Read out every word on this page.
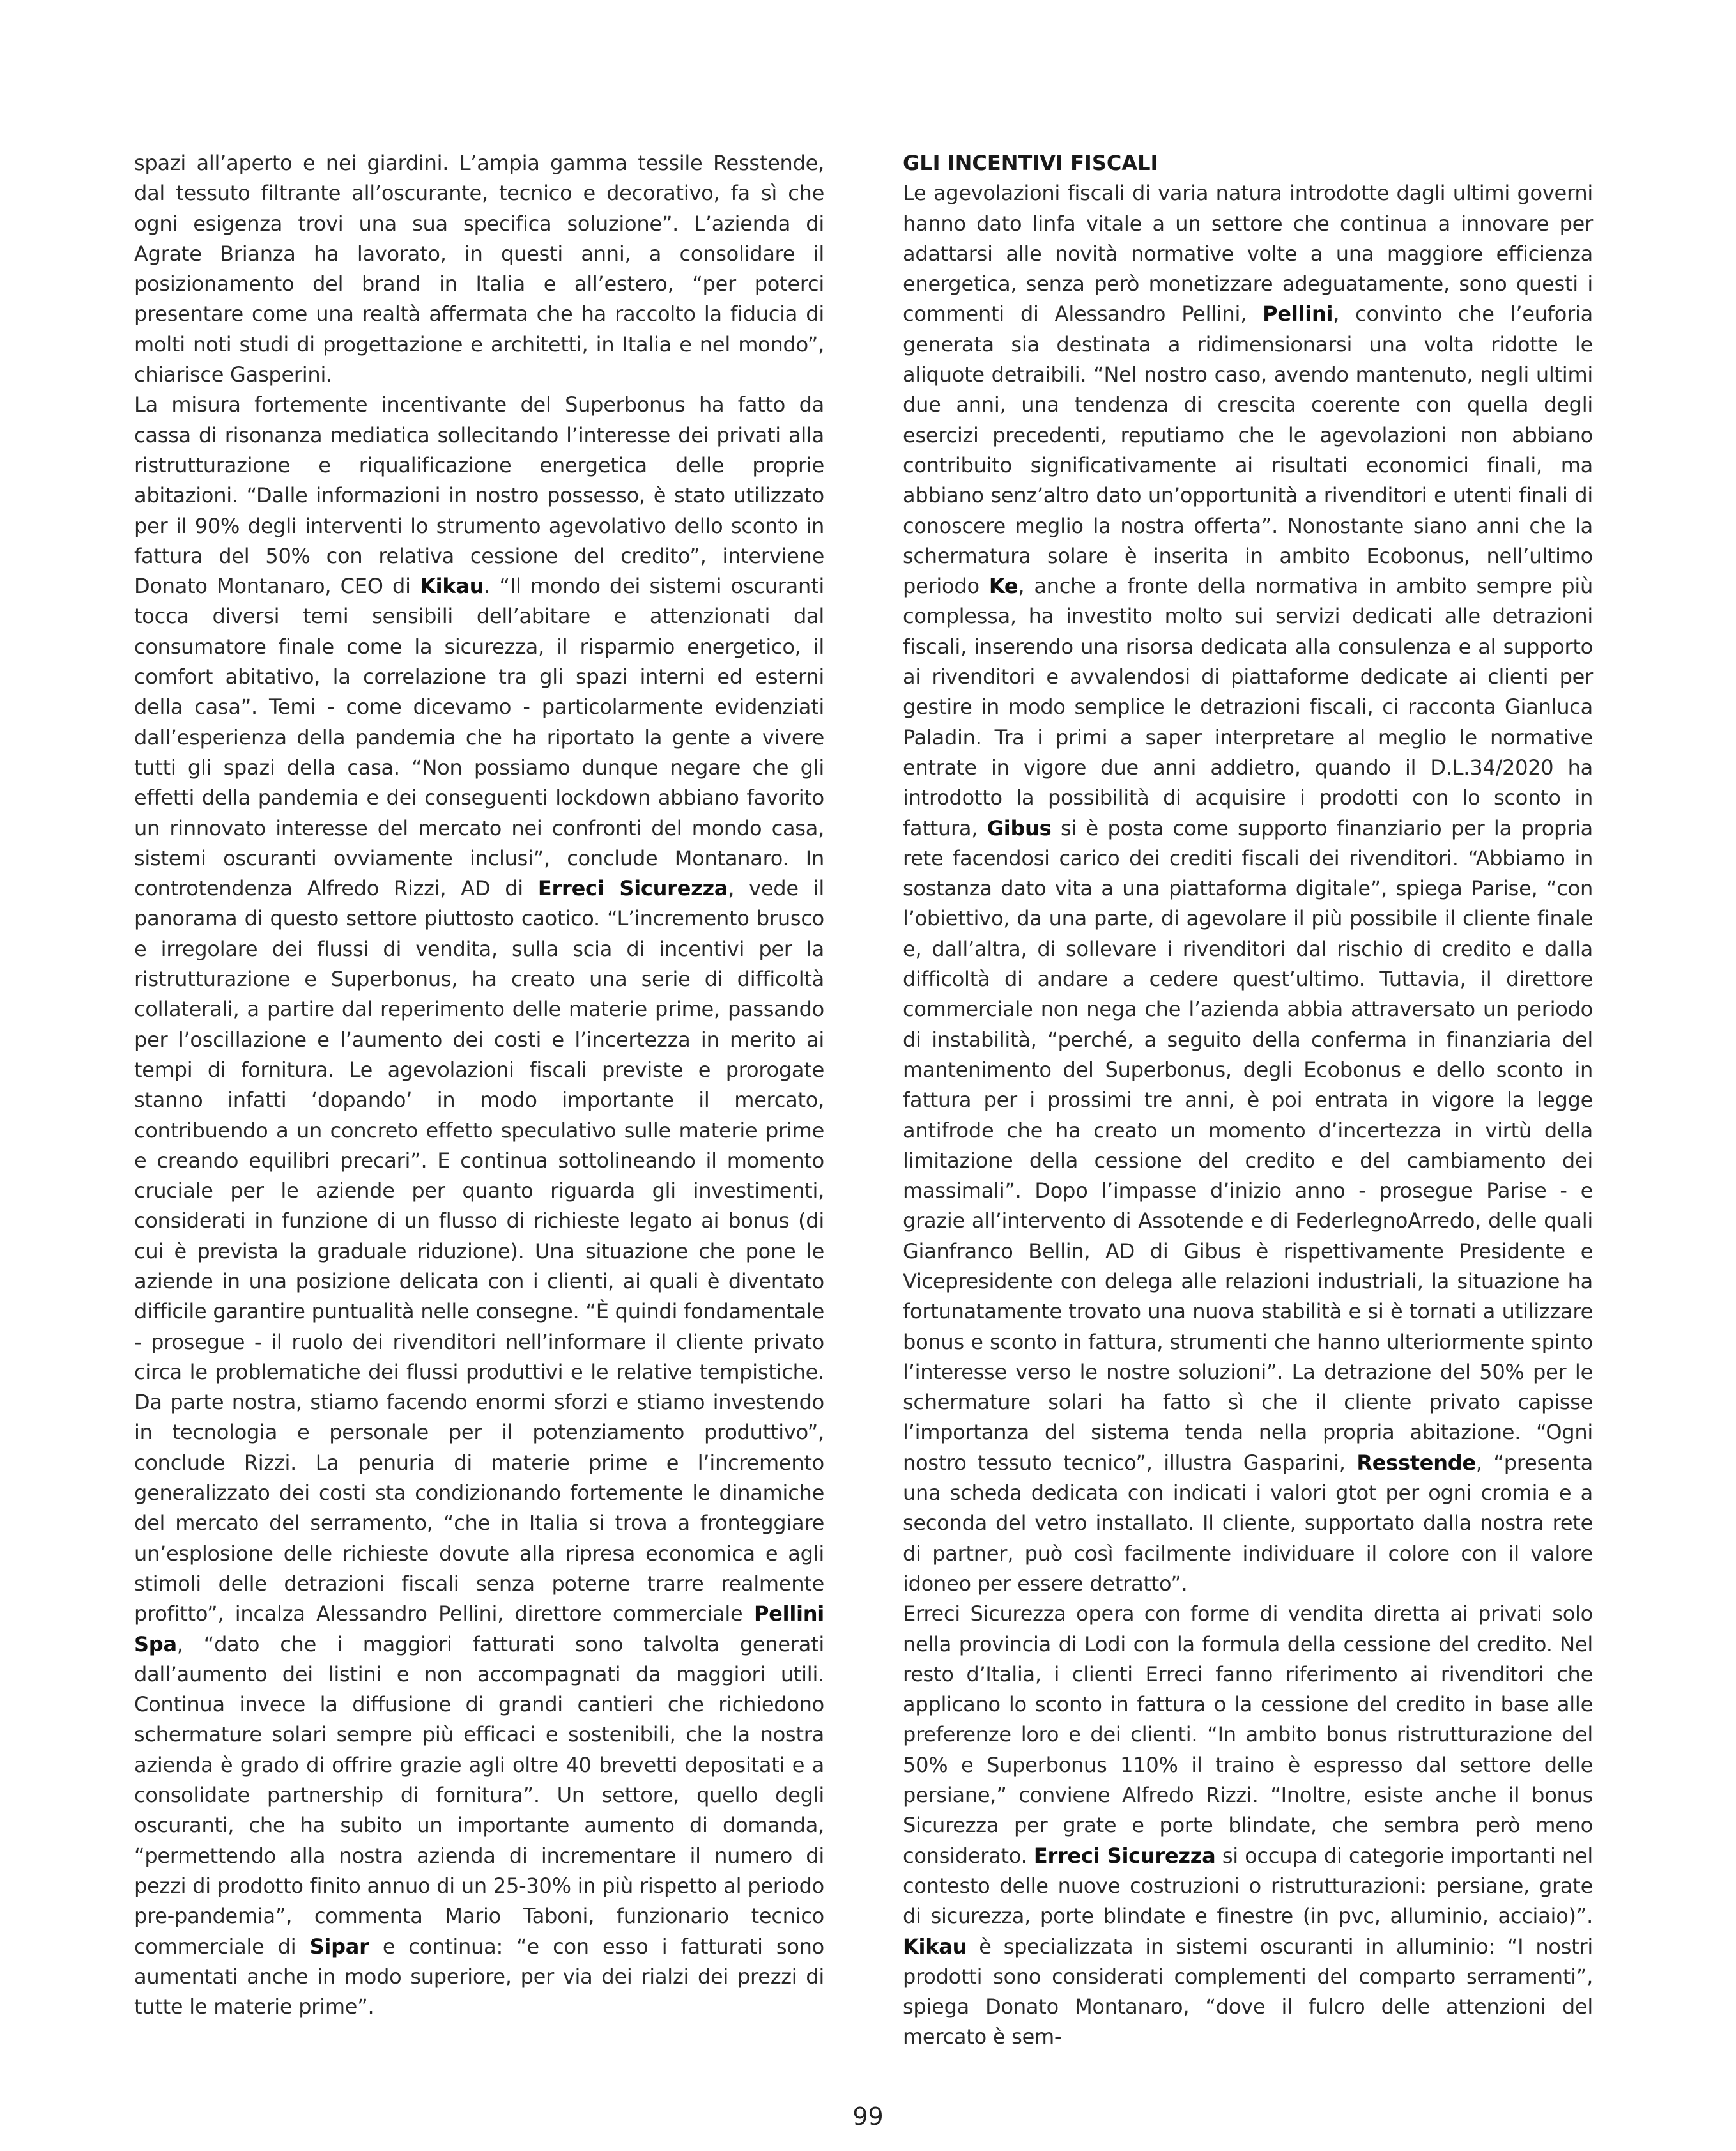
spazi all’aperto e nei giardini. L’ampia gamma tessile Resstende, dal tessuto filtrante all’oscurante, tecnico e decorativo, fa sì che ogni esigenza trovi una sua specifica soluzione”. L’azienda di Agrate Brianza ha lavorato, in questi anni, a consolidare il posizionamento del brand in Italia e all’estero, “per poterci presentare come una realtà affermata che ha raccolto la fiducia di molti noti studi di progettazione e architetti, in Italia e nel mondo”, chiarisce Gasperini.

La misura fortemente incentivante del Superbonus ha fatto da cassa di risonanza mediatica sollecitando l’interesse dei privati alla ristrutturazione e riqualificazione energetica delle proprie abitazioni. “Dalle informazioni in nostro possesso, è stato utilizzato per il 90% degli interventi lo strumento agevolativo dello sconto in fattura del 50% con relativa cessione del credito”, interviene Donato Montanaro, CEO di Kikau. “Il mondo dei sistemi oscuranti tocca diversi temi sensibili dell’abitare e attenzionati dal consumatore finale come la sicurezza, il risparmio energetico, il comfort abitativo, la correlazione tra gli spazi interni ed esterni della casa”. Temi - come dicevamo - particolarmente evidenziati dall’esperienza della pandemia che ha riportato la gente a vivere tutti gli spazi della casa. “Non possiamo dunque negare che gli effetti della pandemia e dei conseguenti lockdown abbiano favorito un rinnovato interesse del mercato nei confronti del mondo casa, sistemi oscuranti ovviamente inclusi”, conclude Montanaro. In controtendenza Alfredo Rizzi, AD di Erreci Sicurezza, vede il panorama di questo settore piuttosto caotico. “L’incremento brusco e irregolare dei flussi di vendita, sulla scia di incentivi per la ristrutturazione e Superbonus, ha creato una serie di difficoltà collaterali, a partire dal reperimento delle materie prime, passando per l’oscillazione e l’aumento dei costi e l’incertezza in merito ai tempi di fornitura. Le agevolazioni fiscali previste e prorogate stanno infatti ‘dopando’ in modo importante il mercato, contribuendo a un concreto effetto speculativo sulle materie prime e creando equilibri precari”. E continua sottolineando il momento cruciale per le aziende per quanto riguarda gli investimenti, considerati in funzione di un flusso di richieste legato ai bonus (di cui è prevista la graduale riduzione). Una situazione che pone le aziende in una posizione delicata con i clienti, ai quali è diventato difficile garantire puntualità nelle consegne. “È quindi fondamentale - prosegue - il ruolo dei rivenditori nell’informare il cliente privato circa le problematiche dei flussi produttivi e le relative tempistiche. Da parte nostra, stiamo facendo enormi sforzi e stiamo investendo in tecnologia e personale per il potenziamento produttivo”, conclude Rizzi. La penuria di materie prime e l’incremento generalizzato dei costi sta condizionando fortemente le dinamiche del mercato del serramento, “che in Italia si trova a fronteggiare un’esplosione delle richieste dovute alla ripresa economica e agli stimoli delle detrazioni fiscali senza poterne trarre realmente profitto”, incalza Alessandro Pellini, direttore commerciale Pellini Spa, “dato che i maggiori fatturati sono talvolta generati dall’aumento dei listini e non accompagnati da maggiori utili. Continua invece la diffusione di grandi cantieri che richiedono schermature solari sempre più efficaci e sostenibili, che la nostra azienda è grado di offrire grazie agli oltre 40 brevetti depositati e a consolidate partnership di fornitura”. Un settore, quello degli oscuranti, che ha subito un importante aumento di domanda, “permettendo alla nostra azienda di incrementare il numero di pezzi di prodotto finito annuo di un 25-30% in più rispetto al periodo pre-pandemia”, commenta Mario Taboni, funzionario tecnico commerciale di Sipar e continua: “e con esso i fatturati sono aumentati anche in modo superiore, per via dei rialzi dei prezzi di tutte le materie prime”.

GLI INCENTIVI FISCALI

Le agevolazioni fiscali di varia natura introdotte dagli ultimi governi hanno dato linfa vitale a un settore che continua a innovare per adattarsi alle novità normative volte a una maggiore efficienza energetica, senza però monetizzare adeguatamente, sono questi i commenti di Alessandro Pellini, Pellini, convinto che l’euforia generata sia destinata a ridimensionarsi una volta ridotte le aliquote detraibili. “Nel nostro caso, avendo mantenuto, negli ultimi due anni, una tendenza di crescita coerente con quella degli esercizi precedenti, reputiamo che le agevolazioni non abbiano contribuito significativamente ai risultati economici finali, ma abbiano senz’altro dato un’opportunità a rivenditori e utenti finali di conoscere meglio la nostra offerta”. Nonostante siano anni che la schermatura solare è inserita in ambito Ecobonus, nell’ultimo periodo Ke, anche a fronte della normativa in ambito sempre più complessa, ha investito molto sui servizi dedicati alle detrazioni fiscali, inserendo una risorsa dedicata alla consulenza e al supporto ai rivenditori e avvalendosi di piattaforme dedicate ai clienti per gestire in modo semplice le detrazioni fiscali, ci racconta Gianluca Paladin. Tra i primi a saper interpretare al meglio le normative entrate in vigore due anni addietro, quando il D.L.34/2020 ha introdotto la possibilità di acquisire i prodotti con lo sconto in fattura, Gibus si è posta come supporto finanziario per la propria rete facendosi carico dei crediti fiscali dei rivenditori. “Abbiamo in sostanza dato vita a una piattaforma digitale”, spiega Parise, “con l’obiettivo, da una parte, di agevolare il più possibile il cliente finale e, dall’altra, di sollevare i rivenditori dal rischio di credito e dalla difficoltà di andare a cedere quest’ultimo. Tuttavia, il direttore commerciale non nega che l’azienda abbia attraversato un periodo di instabilità, “perché, a seguito della conferma in finanziaria del mantenimento del Superbonus, degli Ecobonus e dello sconto in fattura per i prossimi tre anni, è poi entrata in vigore la legge antifrode che ha creato un momento d’incertezza in virtù della limitazione della cessione del credito e del cambiamento dei massimali”. Dopo l’impasse d’inizio anno - prosegue Parise - e grazie all’intervento di Assotende e di FederlegnoArredo, delle quali Gianfranco Bellin, AD di Gibus è rispettivamente Presidente e Vicepresidente con delega alle relazioni industriali, la situazione ha fortunatamente trovato una nuova stabilità e si è tornati a utilizzare bonus e sconto in fattura, strumenti che hanno ulteriormente spinto l’interesse verso le nostre soluzioni”. La detrazione del 50% per le schermature solari ha fatto sì che il cliente privato capisse l’importanza del sistema tenda nella propria abitazione. “Ogni nostro tessuto tecnico”, illustra Gasparini, Resstende, “presenta una scheda dedicata con indicati i valori gtot per ogni cromia e a seconda del vetro installato. Il cliente, supportato dalla nostra rete di partner, può così facilmente individuare il colore con il valore idoneo per essere detratto”.

Erreci Sicurezza opera con forme di vendita diretta ai privati solo nella provincia di Lodi con la formula della cessione del credito. Nel resto d’Italia, i clienti Erreci fanno riferimento ai rivenditori che applicano lo sconto in fattura o la cessione del credito in base alle preferenze loro e dei clienti. “In ambito bonus ristrutturazione del 50% e Superbonus 110% il traino è espresso dal settore delle persiane,” conviene Alfredo Rizzi. “Inoltre, esiste anche il bonus Sicurezza per grate e porte blindate, che sembra però meno considerato. Erreci Sicurezza si occupa di categorie importanti nel contesto delle nuove costruzioni o ristrutturazioni: persiane, grate di sicurezza, porte blindate e finestre (in pvc, alluminio, acciaio)”. Kikau è specializzata in sistemi oscuranti in alluminio: “I nostri prodotti sono considerati complementi del comparto serramenti”, spiega Donato Montanaro, “dove il fulcro delle attenzioni del mercato è sem-

99
